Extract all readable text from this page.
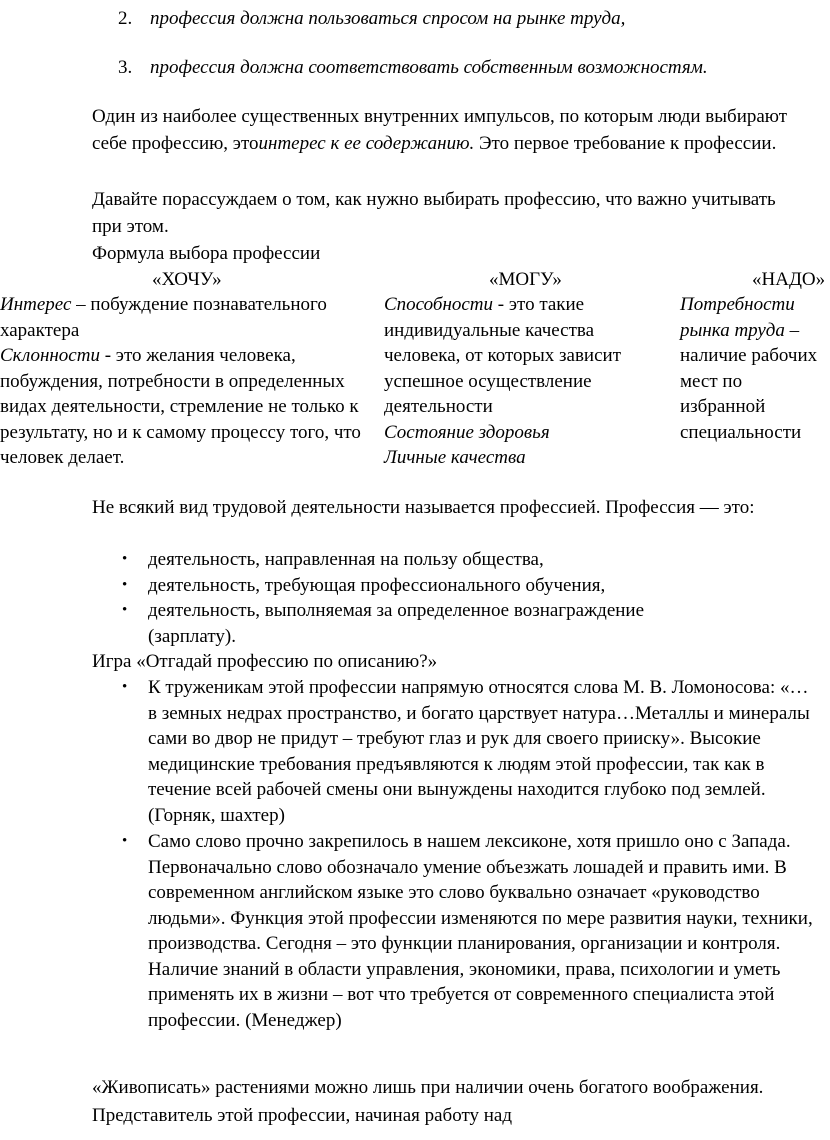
2. профессия должна пользоваться спросом на рынке труда,
3. профессия должна соответствовать собственным возможностям.

Один из наиболее существенных внутренних импульсов, по которым люди выбирают себе профессию, этоинтерес к ее содержанию. Это первое требование к профессии.

Давайте порассуждаем о том, как нужно выбирать профессию, что важно учитывать при этом.

Формула выбора профессии

«ХОЧУ»	«МОГУ»	«НАДО»

Интерес – побуждение познавательного характера

Склонности - это желания человека, побуждения, потребности в определенных видах деятельности, стремление не только к результату, но и к самому процессу того, что человек делает.

Способности - это такие индивидуальные качества человека, от которых зависит успешное осуществление деятельности

Состояние здоровья

Личные качества

Потребности рынка труда – наличие рабочих мест по избранной специальности

Не всякий вид трудовой деятельности называется профессией. Профессия — это:

• деятельность, направленная на пользу общества,
• деятельность, требующая профессионального обучения,
• деятельность, выполняемая за определенное вознаграждение (зарплату).

Игра «Отгадай профессию по описанию?»

• К труженикам этой профессии напрямую относятся слова М. В. Ломоносова: «…в земных недрах пространство, и богато царствует натура…Металлы и минералы сами во двор не придут – требуют глаз и рук для своего прииску». Высокие медицинские требования предъявляются к людям этой профессии, так как в течение всей рабочей смены они вынуждены находится глубоко под землей. (Горняк, шахтер)
• Само слово прочно закрепилось в нашем лексиконе, хотя пришло оно с Запада. Первоначально слово обозначало умение объезжать лошадей и править ими. В современном английском языке это слово буквально означает «руководство людьми». Функция этой профессии изменяются по мере развития науки, техники, производства. Сегодня – это функции планирования, организации и контроля. Наличие знаний в области управления, экономики, права, психологии и уметь применять их в жизни – вот что требуется от современного специалиста этой профессии. (Менеджер)

«Живописать» растениями можно лишь при наличии очень богатого воображения. Представитель этой профессии, начиная работу над
